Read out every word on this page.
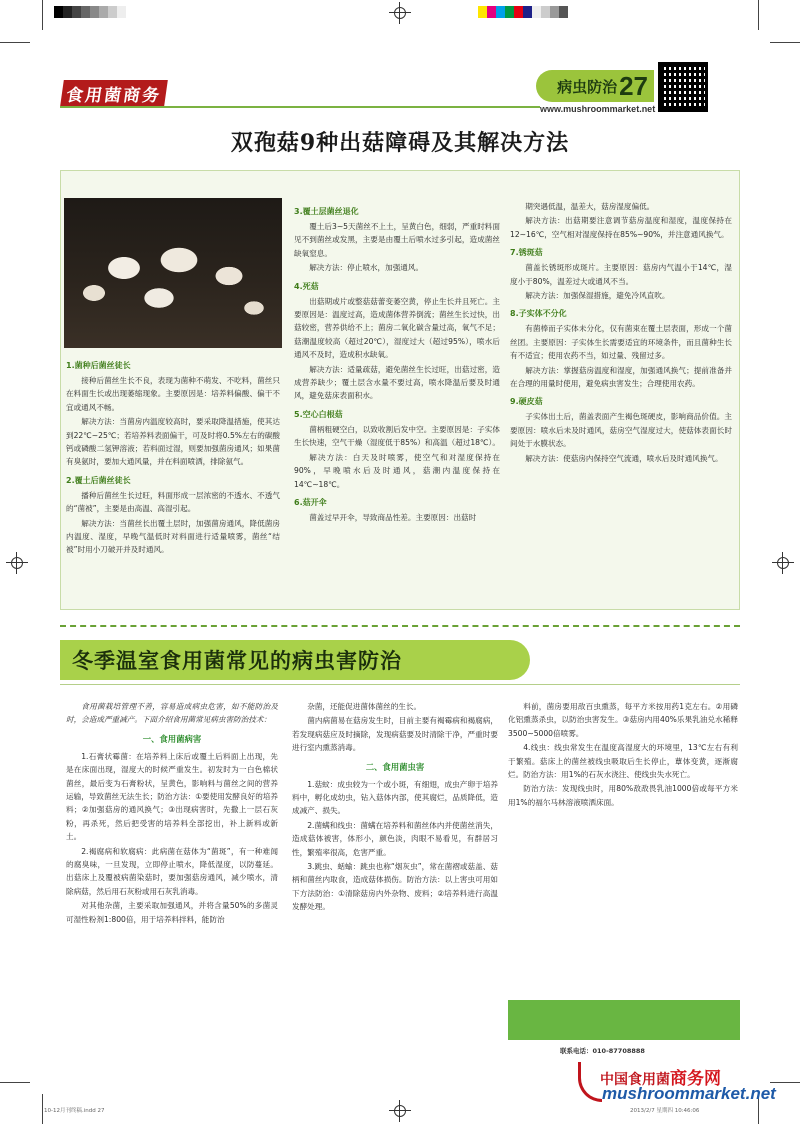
食用菌商务	病虫防治 27
www.mushroommarket.net
双孢菇9种出菇障碍及其解决方法
1.菌种后菌丝徒长

接种后菌丝生长不良，表现为菌种不萌发、不吃料，菌丝只在料面生长或出现萎缩现象。主要原因是：培养料偏酸、偏干不宜或通风不畅。

解决方法：当菌房内温度较高时，要采取降温措施，使其达到22℃~25℃；若培养料表面偏干，可及时将0.5%左右的碳酸钙或磷酸二氢钾溶液；若料面过湿，则要加强菌房通风；如果菌有臭氨时，要加大通风量，并在料面喷洒，排除氨气。

2.覆土后菌丝徒长

播种后菌丝生长过旺，料面形成一层浓密的不透水、不透气的“菌被”，主要是由高温、高湿引起。

解决方法：当菌丝长出覆土层时，加强菌房通风，降低菌房内温度、湿度，早晚气温低时对料面进行适量喷雾，菌丝“结被”时用小刀破开并及时通风。

3.覆土层菌丝退化

覆土后3~5天菌丝不上土，呈黄白色，细弱，严重时料面见不到菌丝或发黑，主要是由覆土后喷水过多引起，造成菌丝缺氧窒息。

解决方法：停止喷水，加强通风。

4.死菇

出菇期或片或整菇菇蕾变萎空黄，停止生长并且死亡。主要原因是：温度过高，造成菌体营养倒流；菌丝生长过快，出菇较密，营养供给不上；菌房二氧化碳含量过高，氧气不足；菇潮温度较高（超过20℃），湿度过大（超过95%），喷水后通风不及时，造成积水缺氧。

解决方法：适量疏菇，避免菌丝生长过旺，出菇过密，造成营养缺少；覆土层含水量不要过高，喷水降温后要及时通风，避免菇床表面积水。

5.空心白根菇

菌柄粗硬空白，以致收割后发中空。主要原因是：子实体生长快速，空气干燥（湿度低于85%）和高温（超过18℃）。

解决方法：白天及时喷雾，使空气和对湿度保持在90%，早晚喷水后及时通风，菇潮内温度保持在14℃~18℃。

6.菇开伞

菌盖过早开伞，导致商品性差。主要原因：出菇时

期突遇低温，温差大，菇房湿度偏低。

解决方法：出菇期要注意调节菇房温度和湿度，温度保持在12~16℃，空气相对湿度保持在85%~90%，并注意通风换气。

7.锈斑菇

菌盖长锈斑形成斑片。主要原因：菇房内气温小于14℃，湿度小于80%，温差过大或通风不当。

解决方法：加强保湿措施，避免冷风直吹。

8.子实体不分化

有菌棒而子实体未分化，仅有菌束在覆土层表面，形成一个菌丝团。主要原因：子实体生长需要适宜的环境条件，而且菌种生长有不适宜；使用农药不当，如过量、残留过多。

解决方法：掌握菇房温度和湿度，加强通风换气；提前准备并在合理的用量时使用，避免病虫害发生；合理使用农药。

9.硬皮菇

子实体出土后，菌盖表面产生褐色斑硬皮，影响商品价值。主要原因：喷水后未及时通风，菇房空气湿度过大，使菇体表面长时间处于水膜状态。

解决方法：使菇房内保持空气流通，喷水后及时通风换气。

冬季温室食用菌常见的病虫害防治

食用菌栽培管理不善，容易造成病虫危害，如不能防治及时，会造成严重减产。下面介绍食用菌常见病虫害防治技术：

一、食用菌病害

1.石膏状霉菌：在培养料上床后或覆土后料面上出现，先是在床面出现，湿度大的时候严重发生。初发时为一白色棉状菌丝，最后变为石膏粉状，呈黄色，影响料与菌丝之间的营养运输，导致菌丝无法生长；防治方法：①要使用发酵良好的培养料；②加强菇房的通风换气；③出现病害时，先撒上一层石灰粉，再杀死，然后把受害的培养料全部挖出，补上新料或新土。

2.褐腐病和软腐病：此病菌在菇体为“菌斑”，有一种难闻的腐臭味，一旦发现，立即停止喷水，降低湿度，以防蔓延。出菇床上及覆被病菌染菇时，要加强菇房通风，减少喷水，清除病菇，然后用石灰粉或用石灰乳消毒。

对其他杂菌，主要采取加强通风，并将含量50%的多菌灵可湿性粉剂1:800倍，用于培养料拌料，能防治

杂菌，还能促进菌体菌丝的生长。

菌内病菌易在菇房发生时，目前主要有褐霉病和褐腐病，若发现病菇应及时摘除，发现病菇要及时清除干净，严重时要进行室内熏蒸消毒。

二、食用菌虫害

1.菇蚊：成虫较为一个或小斑，有细翅，成虫产卵于培养料中，孵化成幼虫，钻入菇体内部，使其腐烂，品质降低，造成减产、损失。

2.菌螨和线虫：菌螨在培养料和菌丝体内并使菌丝消失，造成菇体被害，体形小，颜色淡，肉眼不易看见，有群居习性，繁殖率很高，危害严重。

3.跳虫、蛞蝓：跳虫也称“烟灰虫”，常在菌褶或菇盖、菇柄和菌丝内取食，造成菇体损伤。防治方法：以上害虫可用如下方法防治：①清除菇房内外杂物、废料；②培养料进行高温发酵处理。

料前，菌房要用敌百虫熏蒸，每平方米按用药1克左右。②用磷化铝熏蒸杀虫，以防治虫害发生。③菇房内用40%乐果乳油兑水稀释3500~5000倍喷雾。

4.线虫：线虫常发生在温度高湿度大的环境里，13℃左右有利于繁殖。菇床上的菌丝被线虫吸取后生长停止，蕈体变黄，逐渐腐烂。防治方法：用1%的石灰水浇注、使线虫失水死亡。

防治方法：发现线虫时，用80%敌敌畏乳油1000倍或每平方米用1%的福尔马林溶液喷洒床面。

联系电话：010-87708888
中国食用菌商务网
mushroommarket.net
10-12月刊终稿.indd 27	2013/2/7 星期四 10:46:06
